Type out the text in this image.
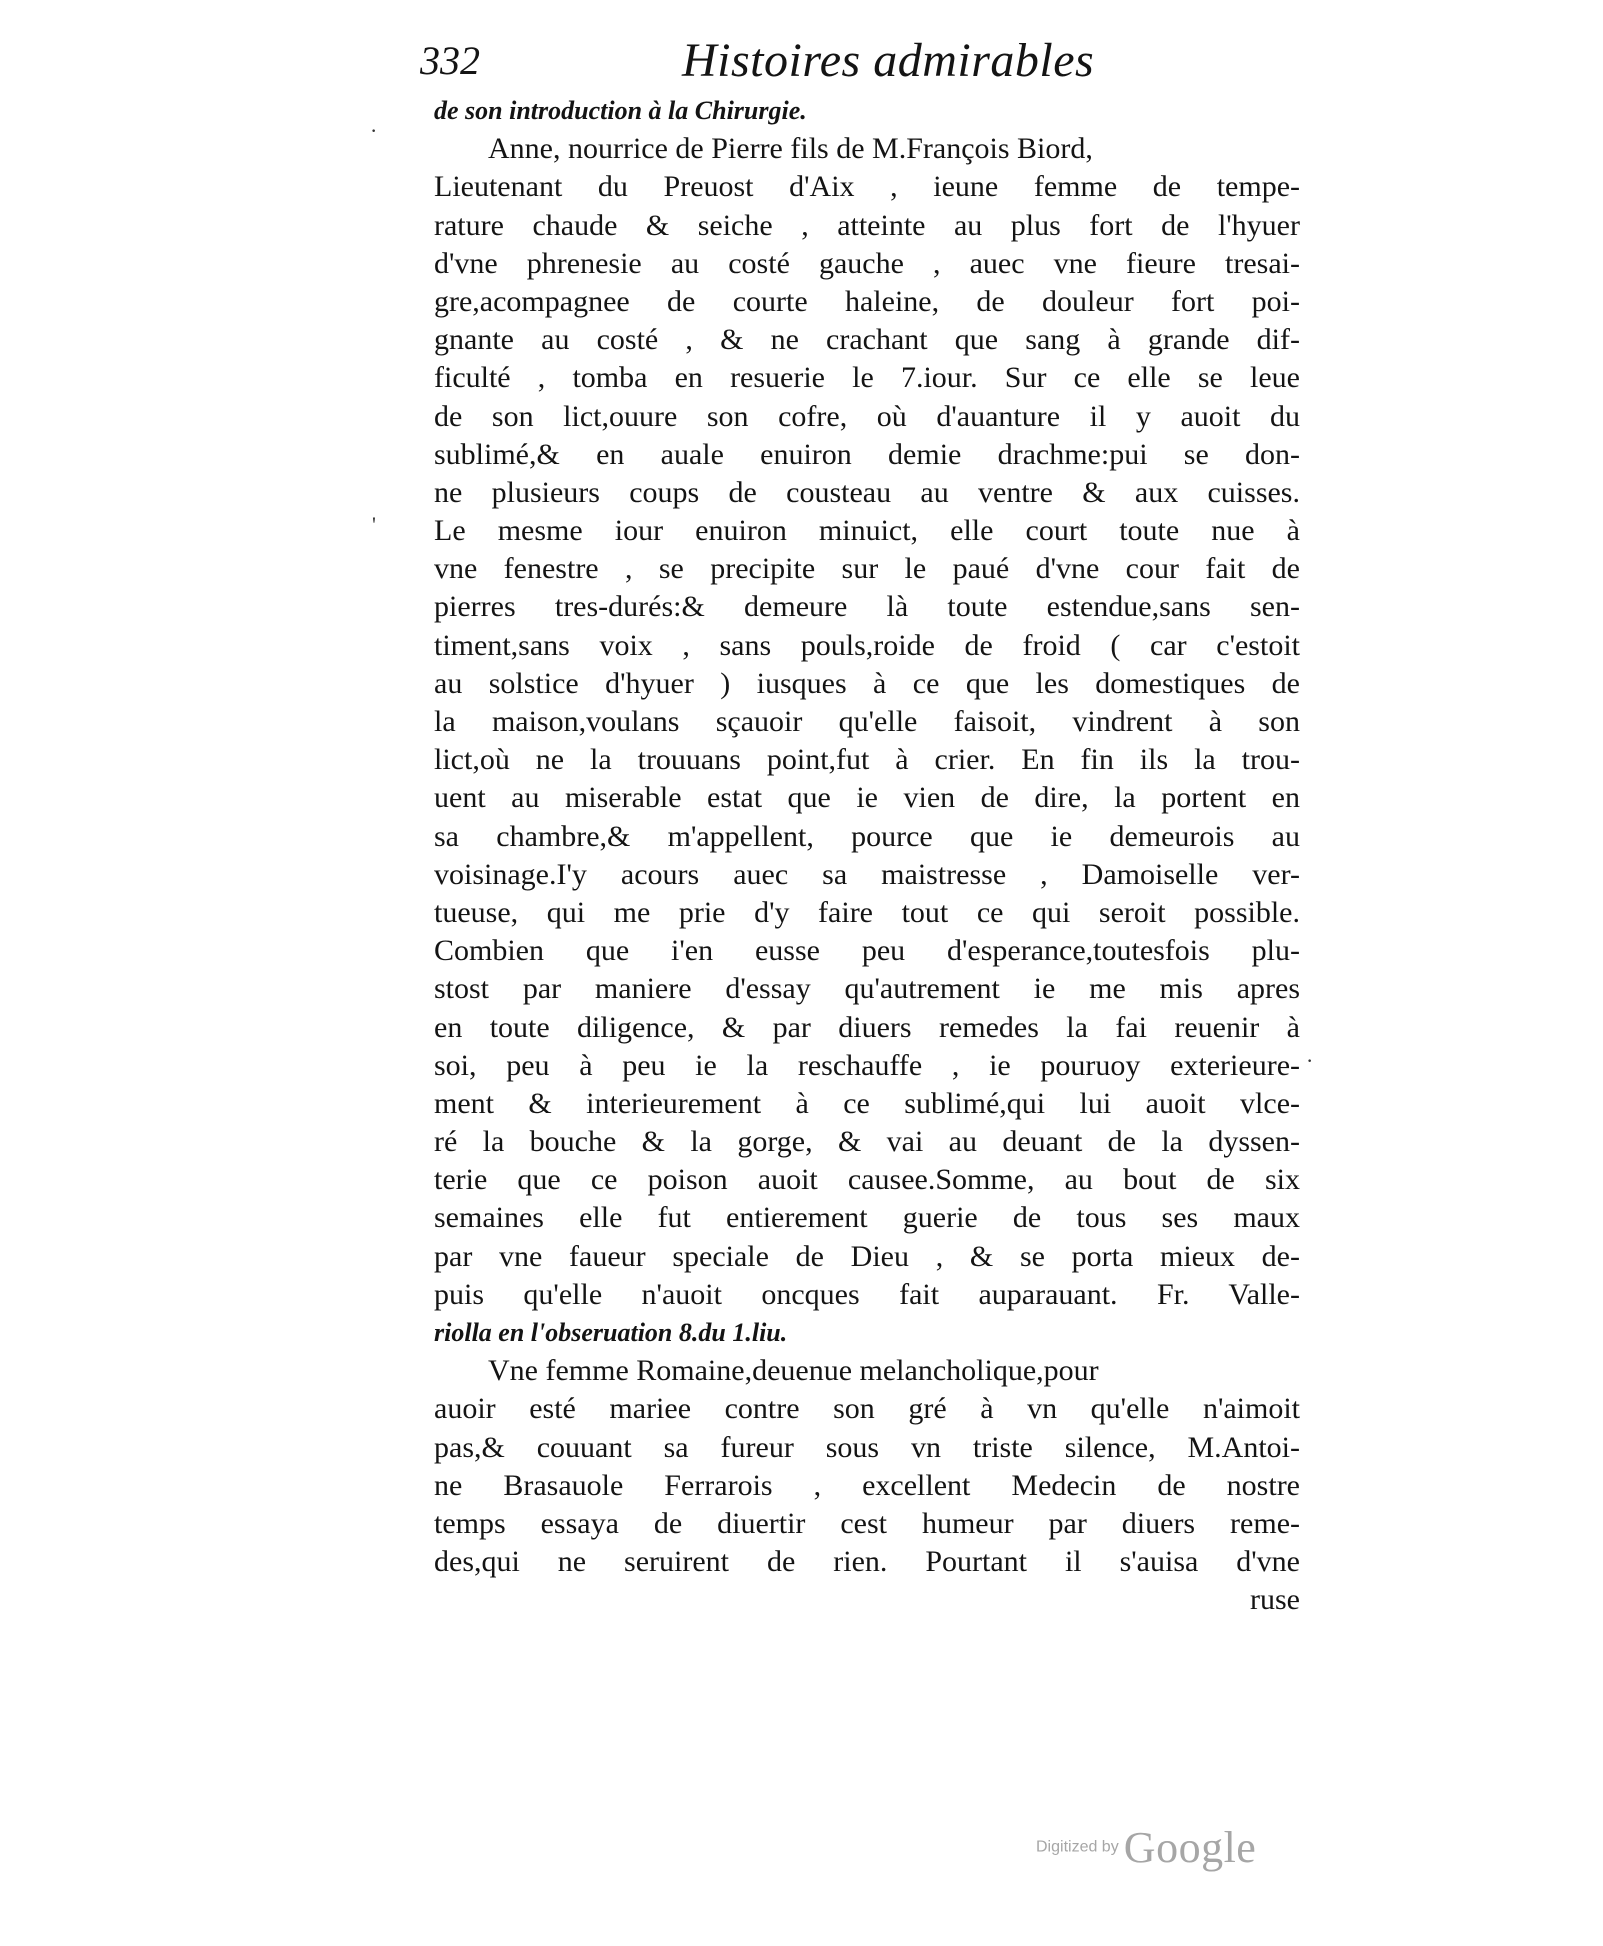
332	Histoires admirables
·
'
·
de son introduction à la Chirurgie.
Anne, nourrice de Pierre fils de M.François Biord,
Lieutenant du Preuost d'Aix , ieune femme de tempe-
rature chaude & seiche , atteinte au plus fort de l'hyuer
d'vne phrenesie au costé gauche , auec vne fieure tresai-
gre,acompagnee de courte haleine, de douleur fort poi-
gnante au costé , & ne crachant que sang à grande dif-
ficulté , tomba en resuerie le 7.iour. Sur ce elle se leue
de son lict,ouure son cofre, où d'auanture il y auoit du
sublimé,& en auale enuiron demie drachme:pui se don-
ne plusieurs coups de cousteau au ventre & aux cuisses.
Le mesme iour enuiron minuict, elle court toute nue à
vne fenestre , se precipite sur le paué d'vne cour fait de
pierres tres-durés:& demeure là toute estendue,sans sen-
timent,sans voix , sans pouls,roide de froid ( car c'estoit
au solstice d'hyuer ) iusques à ce que les domestiques de
la maison,voulans sçauoir qu'elle faisoit, vindrent à son
lict,où ne la trouuans point,fut à crier. En fin ils la trou-
uent au miserable estat que ie vien de dire, la portent en
sa chambre,& m'appellent, pource que ie demeurois au
voisinage.I'y acours auec sa maistresse , Damoiselle ver-
tueuse, qui me prie d'y faire tout ce qui seroit possible.
Combien que i'en eusse peu d'esperance,toutesfois plu-
stost par maniere d'essay qu'autrement ie me mis apres
en toute diligence, & par diuers remedes la fai reuenir à
soi, peu à peu ie la reschauffe , ie pouruoy exterieure-
ment & interieurement à ce sublimé,qui lui auoit vlce-
ré la bouche & la gorge, & vai au deuant de la dyssen-
terie que ce poison auoit causee.Somme, au bout de six
semaines elle fut entierement guerie de tous ses maux
par vne faueur speciale de Dieu , & se porta mieux de-
puis qu'elle n'auoit oncques fait auparauant. Fr. Valle-
riolla en l'obseruation 8.du 1.liu.
Vne femme Romaine,deuenue melancholique,pour
auoir esté mariee contre son gré à vn qu'elle n'aimoit
pas,& couuant sa fureur sous vn triste silence, M.Antoi-
ne Brasauole Ferrarois , excellent Medecin de nostre
temps essaya de diuertir cest humeur par diuers reme-
des,qui ne seruirent de rien. Pourtant il s'auisa d'vne
ruse
Digitized by Google
